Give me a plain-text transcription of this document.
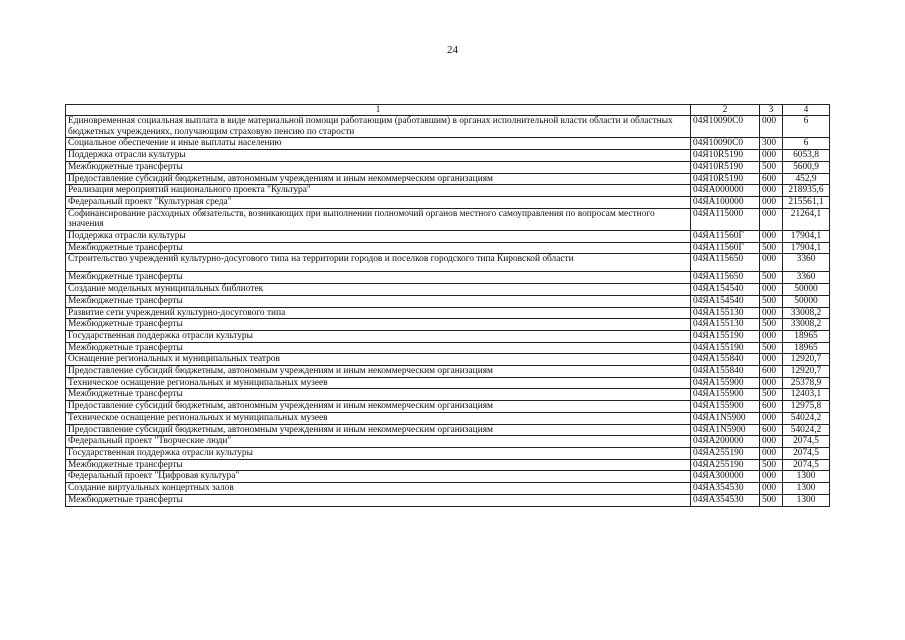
24
1	2	3	4
Единовременная социальная выплата в виде материальной помощи работающим (работавшим) в органах исполнительной власти области и областных бюджетных учреждениях, получающим страховую пенсию по старости	04Я10090С0	000	6
Социальное обеспечение и иные выплаты населению	04Я10090С0	300	6
Поддержка отрасли культуры	04Я10R5190	000	6053,8
Межбюджетные трансферты	04Я10R5190	500	5600,9
Предоставление субсидий бюджетным, автономным учреждениям и иным некоммерческим организациям	04Я10R5190	600	452,9
Реализация мероприятий национального проекта "Культура"	04ЯА000000	000	218935,6
Федеральный проект "Культурная среда"	04ЯА100000	000	215561,1
Софинансирование расходных обязательств, возникающих при выполнении полномочий органов местного самоуправления по вопросам местного значения	04ЯА115000	000	21264,1
Поддержка отрасли культуры	04ЯА11560Г	000	17904,1
Межбюджетные трансферты	04ЯА11560Г	500	17904,1
Строительство учреждений культурно-досугового типа на территории городов и поселков городского типа Кировской области	04ЯА115650	000	3360
Межбюджетные трансферты	04ЯА115650	500	3360
Создание модельных муниципальных библиотек	04ЯА154540	000	50000
Межбюджетные трансферты	04ЯА154540	500	50000
Развитие сети учреждений культурно-досугового типа	04ЯА155130	000	33008,2
Межбюджетные трансферты	04ЯА155130	500	33008,2
Государственная поддержка отрасли культуры	04ЯА155190	000	18965
Межбюджетные трансферты	04ЯА155190	500	18965
Оснащение региональных и муниципальных театров	04ЯА155840	000	12920,7
Предоставление субсидий бюджетным, автономным учреждениям и иным некоммерческим организациям	04ЯА155840	600	12920,7
Техническое оснащение региональных и муниципальных музеев	04ЯА155900	000	25378,9
Межбюджетные трансферты	04ЯА155900	500	12403,1
Предоставление субсидий бюджетным, автономным учреждениям и иным некоммерческим организациям	04ЯА155900	600	12975,8
Техническое оснащение региональных и муниципальных музеев	04ЯА1N5900	000	54024,2
Предоставление субсидий бюджетным, автономным учреждениям и иным некоммерческим организациям	04ЯА1N5900	600	54024,2
Федеральный проект "Творческие люди"	04ЯА200000	000	2074,5
Государственная поддержка отрасли культуры	04ЯА255190	000	2074,5
Межбюджетные трансферты	04ЯА255190	500	2074,5
Федеральный проект "Цифровая культура"	04ЯА300000	000	1300
Создание виртуальных концертных залов	04ЯА354530	000	1300
Межбюджетные трансферты	04ЯА354530	500	1300
